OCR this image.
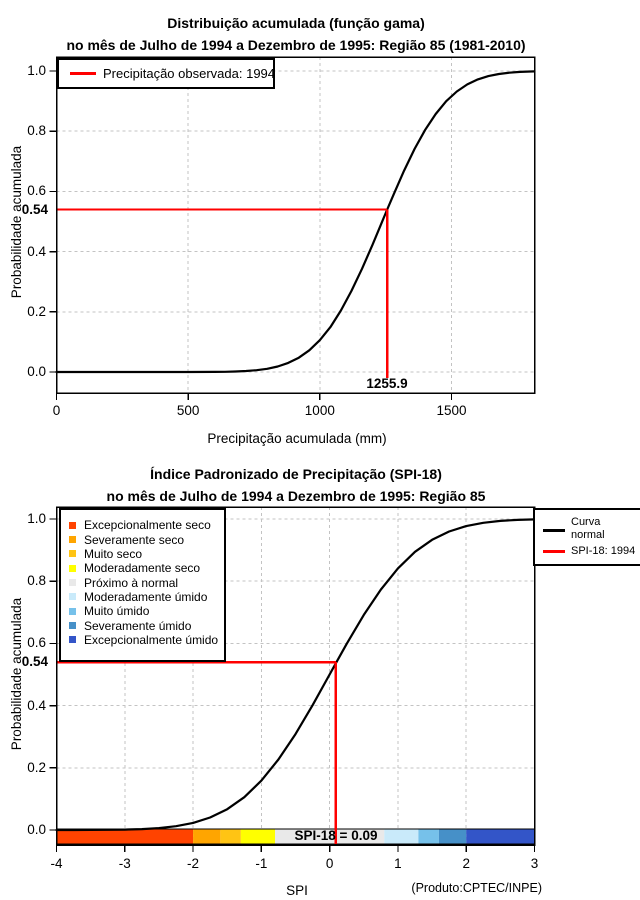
0	500	1000	1500
0.0
0.2
0.4
0.6
0.8
1.0
-4	-3	-2	-1	0	1	2	3
0.0
0.2
0.4
0.6
0.8
1.0
Distribuição acumulada (função gama)
no mês de Julho de 1994 a Dezembro de 1995: Região 85 (1981-2010)
Probabilidade acumulada
Precipitação acumulada (mm)
0.54
1255.9
Precipitação observada: 1994
Índice Padronizado de Precipitação (SPI-18)
no mês de Julho de 1994 a Dezembro de 1995: Região 85
Probabilidade acumulada
SPI
0.54
SPI-18 = 0.09
(Produto:CPTEC/INPE)
Excepcionalmente seco
Severamente seco
Muito seco
Moderadamente seco
Próximo à normal
Moderadamente úmido
Muito úmido
Severamente úmido
Excepcionalmente úmido
Curva normal
SPI-18: 1994
